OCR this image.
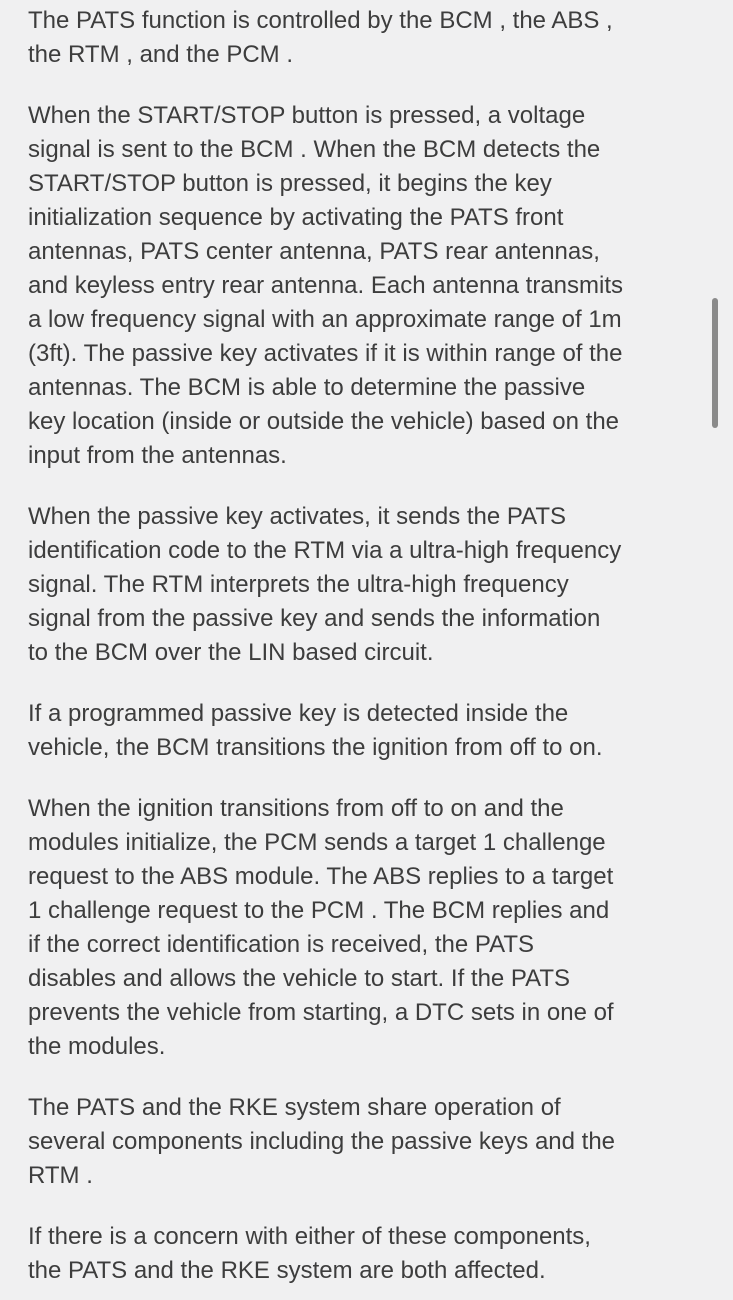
The PATS function is controlled by the BCM , the ABS ,
the RTM , and the PCM .

When the START/STOP button is pressed, a voltage
signal is sent to the BCM . When the BCM detects the
START/STOP button is pressed, it begins the key
initialization sequence by activating the PATS front
antennas, PATS center antenna, PATS rear antennas,
and keyless entry rear antenna. Each antenna transmits
a low frequency signal with an approximate range of 1m
(3ft). The passive key activates if it is within range of the
antennas. The BCM is able to determine the passive
key location (inside or outside the vehicle) based on the
input from the antennas.

When the passive key activates, it sends the PATS
identification code to the RTM via a ultra-high frequency
signal. The RTM interprets the ultra-high frequency
signal from the passive key and sends the information
to the BCM over the LIN based circuit.

If a programmed passive key is detected inside the
vehicle, the BCM transitions the ignition from off to on.

When the ignition transitions from off to on and the
modules initialize, the PCM sends a target 1 challenge
request to the ABS module. The ABS replies to a target
1 challenge request to the PCM . The BCM replies and
if the correct identification is received, the PATS
disables and allows the vehicle to start. If the PATS
prevents the vehicle from starting, a DTC sets in one of
the modules.

The PATS and the RKE system share operation of
several components including the passive keys and the
RTM .

If there is a concern with either of these components,
the PATS and the RKE system are both affected.
